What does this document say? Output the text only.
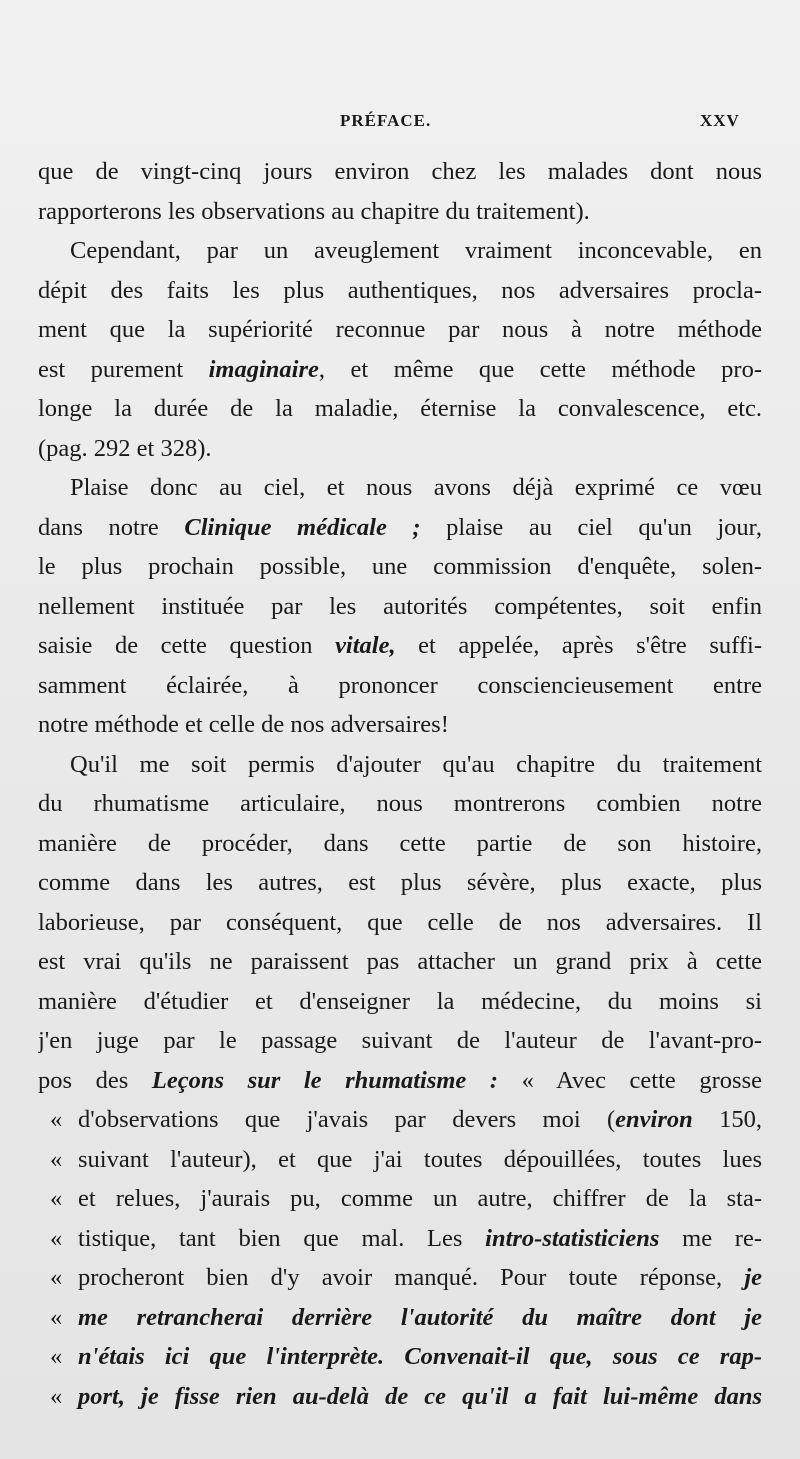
PRÉFACE.	XXV
que de vingt-cinq jours environ chez les malades dont nous
rapporterons les observations au chapitre du traitement).
Cependant, par un aveuglement vraiment inconcevable, en
dépit des faits les plus authentiques, nos adversaires procla-
ment que la supériorité reconnue par nous à notre méthode
est purement imaginaire, et même que cette méthode pro-
longe la durée de la maladie, éternise la convalescence, etc.
(pag. 292 et 328).
Plaise donc au ciel, et nous avons déjà exprimé ce vœu
dans notre Clinique médicale ; plaise au ciel qu'un jour,
le plus prochain possible, une commission d'enquête, solen-
nellement instituée par les autorités compétentes, soit enfin
saisie de cette question vitale, et appelée, après s'être suffi-
samment éclairée, à prononcer consciencieusement entre
notre méthode et celle de nos adversaires!
Qu'il me soit permis d'ajouter qu'au chapitre du traitement
du rhumatisme articulaire, nous montrerons combien notre
manière de procéder, dans cette partie de son histoire,
comme dans les autres, est plus sévère, plus exacte, plus
laborieuse, par conséquent, que celle de nos adversaires. Il
est vrai qu'ils ne paraissent pas attacher un grand prix à cette
manière d'étudier et d'enseigner la médecine, du moins si
j'en juge par le passage suivant de l'auteur de l'avant-pro-
pos des Leçons sur le rhumatisme : « Avec cette grosse
« d'observations que j'avais par devers moi (environ 150,
« suivant l'auteur), et que j'ai toutes dépouillées, toutes lues
« et relues, j'aurais pu, comme un autre, chiffrer de la sta-
« tistique, tant bien que mal. Les intro-statisticiens me re-
« procheront bien d'y avoir manqué. Pour toute réponse, je
« me retrancherai derrière l'autorité du maître dont je
« n'étais ici que l'interprète. Convenait-il que, sous ce rap-
« port, je fisse rien au-delà de ce qu'il a fait lui-même dans
